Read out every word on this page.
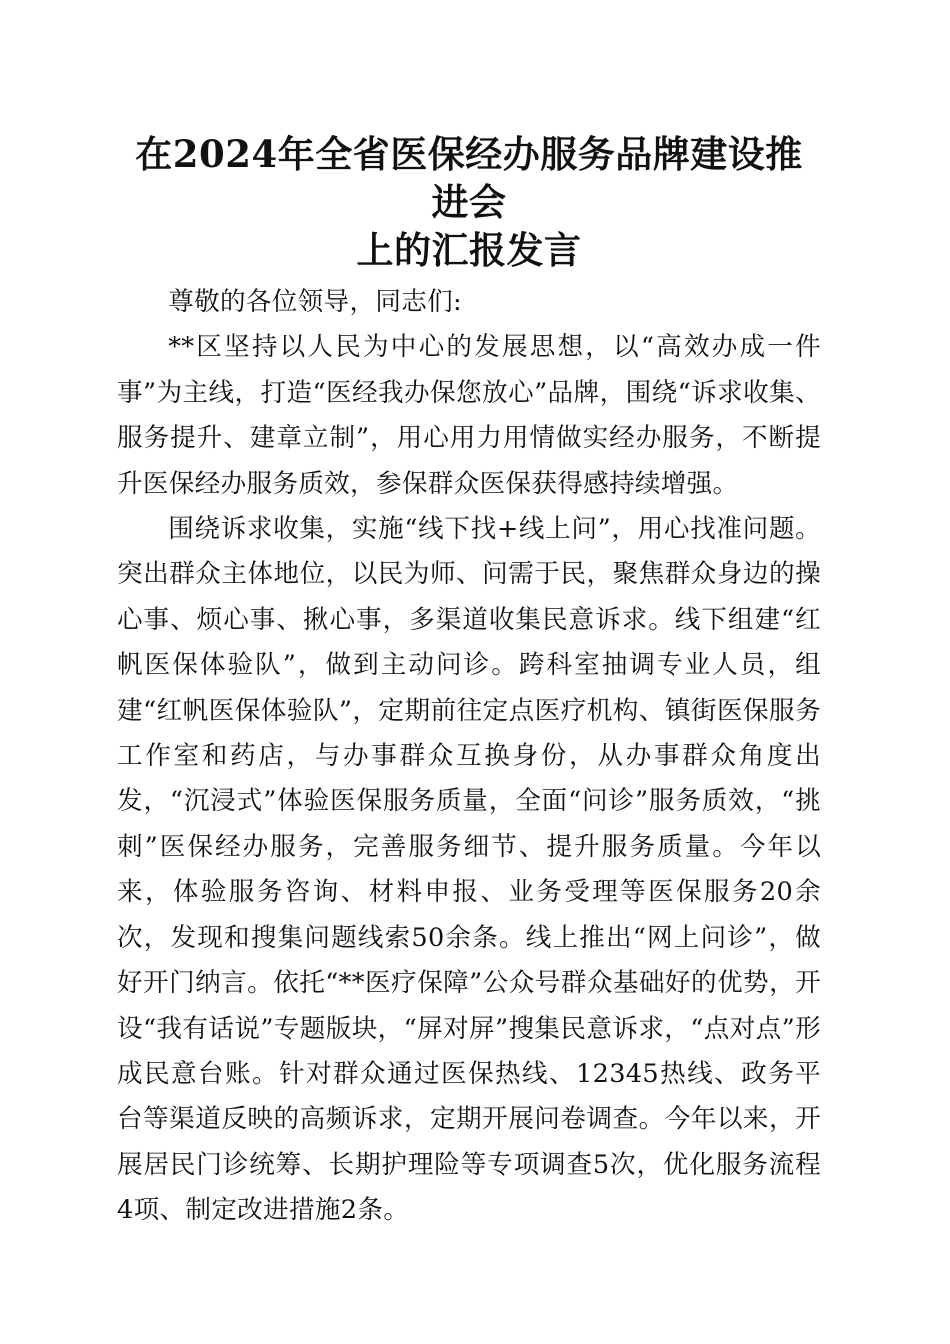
在2024年全省医保经办服务品牌建设推进会
上的汇报发言

尊敬的各位领导，同志们:

**区坚持以人民为中心的发展思想，以“高效办成一件事”为主线，打造“医经我办保您放心”品牌，围绕“诉求收集、服务提升、建章立制”，用心用力用情做实经办服务，不断提升医保经办服务质效，参保群众医保获得感持续增强。

围绕诉求收集，实施“线下找+线上问”，用心找准问题。突出群众主体地位，以民为师、问需于民，聚焦群众身边的操心事、烦心事、揪心事，多渠道收集民意诉求。线下组建“红帆医保体验队”，做到主动问诊。跨科室抽调专业人员，组建“红帆医保体验队”，定期前往定点医疗机构、镇街医保服务工作室和药店，与办事群众互换身份，从办事群众角度出发，“沉浸式”体验医保服务质量，全面“问诊”服务质效，“挑刺”医保经办服务，完善服务细节、提升服务质量。今年以来，体验服务咨询、材料申报、业务受理等医保服务20余次，发现和搜集问题线索50余条。线上推出“网上问诊”，做好开门纳言。依托“**医疗保障”公众号群众基础好的优势，开设“我有话说”专题版块，“屏对屏”搜集民意诉求，“点对点”形成民意台账。针对群众通过医保热线、12345热线、政务平台等渠道反映的高频诉求，定期开展问卷调查。今年以来，开展居民门诊统筹、长期护理险等专项调查5次，优化服务流程4项、制定改进措施2条。
